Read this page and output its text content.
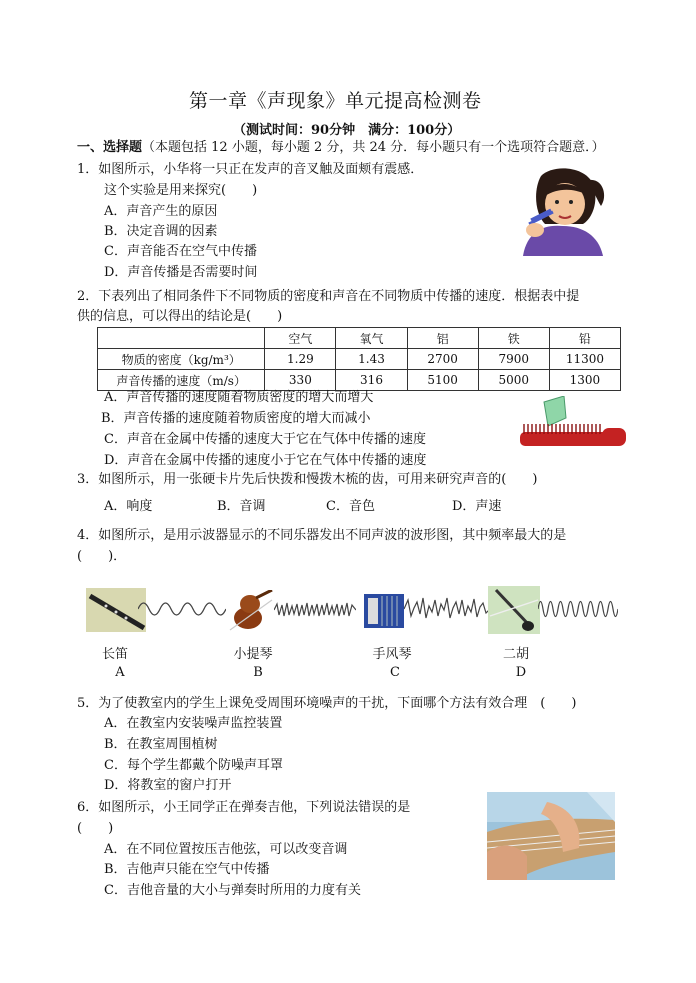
第一章《声现象》单元提高检测卷
（测试时间：90分钟　满分：100分）
一、选择题（本题包括 12 小题，每小题 2 分，共 24 分．每小题只有一个选项符合题意．）
1．如图所示，小华将一只正在发声的音叉触及面颊有震感．
这个实验是用来探究(　　)
A．声音产生的原因
B．决定音调的因素
C．声音能否在空气中传播
D．声音传播是否需要时间
2．下表列出了相同条件下不同物质的密度和声音在不同物质中传播的速度．根据表中提
供的信息，可以得出的结论是(　　)
	空气	氧气	铝	铁	铅
物质的密度（kg/m³）	1.29	1.43	2700	7900	11300
声音传播的速度（m/s）	330	316	5100	5000	1300
A．声音传播的速度随着物质密度的增大而增大
B．声音传播的速度随着物质密度的增大而减小
C．声音在金属中传播的速度大于它在气体中传播的速度
D．声音在金属中传播的速度小于它在气体中传播的速度
3．如图所示，用一张硬卡片先后快拨和慢拨木梳的齿，可用来研究声音的(　　)
A．响度	B．音调	C．音色	D．声速
4．如图所示，是用示波器显示的不同乐器发出不同声波的波形图，其中频率最大的是
(　　)．
长笛
A
小提琴
B
手风琴
C
二胡
D
5．为了使教室内的学生上课免受周围环境噪声的干扰，下面哪个方法有效合理　(　　)
A．在教室内安装噪声监控装置
B．在教室周围植树
C．每个学生都戴个防噪声耳罩
D．将教室的窗户打开
6．如图所示，小王同学正在弹奏吉他，下列说法错误的是
(　　)
A．在不同位置按压吉他弦，可以改变音调
B．吉他声只能在空气中传播
C．吉他音量的大小与弹奏时所用的力度有关
